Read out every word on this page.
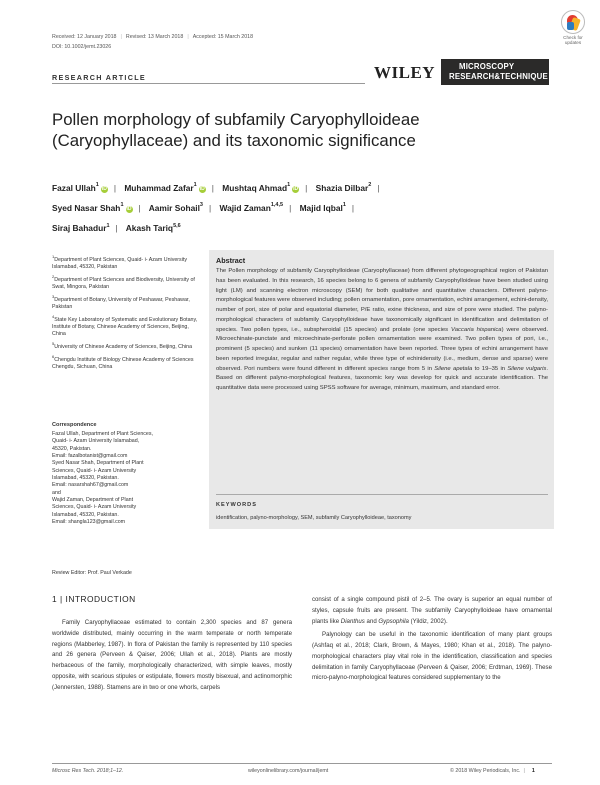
Received: 12 January 2018 | Revised: 13 March 2018 | Accepted: 15 March 2018
DOI: 10.1002/jemt.23026
Check for updates
RESEARCH ARTICLE	WILEY	MICROSCOPY
RESEARCH&TECHNIQUE
Pollen morphology of subfamily Caryophylloideae (Caryophyllaceae) and its taxonomic significance
Fazal Ullah$^1$iD | Muhammad Zafar$^1$iD | Mushtaq Ahmad$^1$iD | Shazia Dilbar$^2$ |
Syed Nasar Shah$^1$iD | Aamir Sohail$^3$ | Wajid Zaman$^{1,4,5}$ | Majid Iqbal$^1$ |
Siraj Bahadur$^1$ | Akash Tariq$^{5,6}$
$^1$Department of Plant Sciences, Quaid- i- Azam University Islamabad, 45320, Pakistan
$^2$Department of Plant Sciences and Biodiversity, University of Swat, Mingora, Pakistan
$^3$Department of Botany, University of Peshawar, Peshawar, Pakistan
$^4$State Key Laboratory of Systematic and Evolutionary Botany, Institute of Botany, Chinese Academy of Sciences, Beijing, China
$^5$University of Chinese Academy of Sciences, Beijing, China
$^6$Chengdu Institute of Biology Chinese Academy of Sciences Chengdu, Sichuan, China
Correspondence
Fazal Ullah, Department of Plant Sciences,
Quaid- i- Azam University Islamabad,
45320, Pakistan.
Email: fazalbotanist@gmail.com
Syed Nasar Shah, Department of Plant
Sciences, Quaid- i- Azam University
Islamabad, 45320, Pakistan.
Email: nasarshah67@gmail.com
and
Wajid Zaman, Department of Plant
Sciences, Quaid- i- Azam University
Islamabad, 45320, Pakistan.
Email: shangla123@gmail.com
Review Editor: Prof. Paul Verkade
Abstract
The Pollen morphology of subfamily Caryophylloideae (Caryophyllaceae) from different phytogeographical region of Pakistan has been evaluated. In this research, 16 species belong to 6 genera of subfamily Caryophylloideae have been studied using light (LM) and scanning electron microscopy (SEM) for both qualitative and quantitative characters. Different palyno-morphological features were observed including; pollen ornamentation, pore ornamentation, echini arrangement, echini-density, number of pori, size of polar and equatorial diameter, P/E ratio, exine thickness, and size of pore were studied. The palyno-morphological characters of subfamily Caryophylloideae have taxonomically significant in identification and delimitation of species. Two pollen types, i.e., subspheroidal (15 species) and prolate (one species Vaccaria hispanica) were observed. Microechinate-punctate and microechinate-perforate pollen ornamentation were examined. Two pollen types of pori, i.e., prominent (5 species) and sunken (11 species) ornamentation have been reported. Three types of echini arrangement have been reported irregular, regular and rather regular, while three type of echinidensity (i.e., medium, dense and sparse) were observed. Pori numbers were found different in different species range from 5 in Silene apetala to 19–35 in Silene vulgaris. Based on different palyno-morphological features, taxonomic key was develop for quick and accurate identification. The quantitative data were processed using SPSS software for average, minimum, maximum, and standard error.
KEYWORDS
identification, palyno-morphology, SEM, subfamily Caryophylloideae, taxonomy
1 | INTRODUCTION

Family Caryophyllaceae estimated to contain 2,300 species and 87 genera worldwide distributed, mainly occurring in the warm temperate or north temperate regions (Mabberley, 1987). In flora of Pakistan the family is represented by 110 species and 26 genera (Perveen & Qaiser, 2006; Ullah et al., 2018). Plants are mostly herbaceous of the family, morphologically characterized, with simple leaves, mostly opposite, with scarious stipules or estipulate, flowers mostly bisexual, and actinomorphic (Jennersten, 1988). Stamens are in two or one whorls, carpels

consist of a single compound pistil of 2–5. The ovary is superior an equal number of styles, capsule fruits are present. The subfamily Caryophylloideae have ornamental plants like Dianthus and Gypsophila (Yildiz, 2002).

Palynology can be useful in the taxonomic identification of many plant groups (Ashfaq et al., 2018; Clark, Brown, & Mayes, 1980; Khan et al., 2018). The palyno-morphological characters play vital role in the identification, classification and species delimitation in family Caryophyllaceae (Perveen & Qaiser, 2006; Erdtman, 1969). These micro-palyno-morphological features considered supplementary to the

Microsc Res Tech. 2018;1–12.	wileyonlinelibrary.com/journal/jemt	© 2018 Wiley Periodicals, Inc. | 1
